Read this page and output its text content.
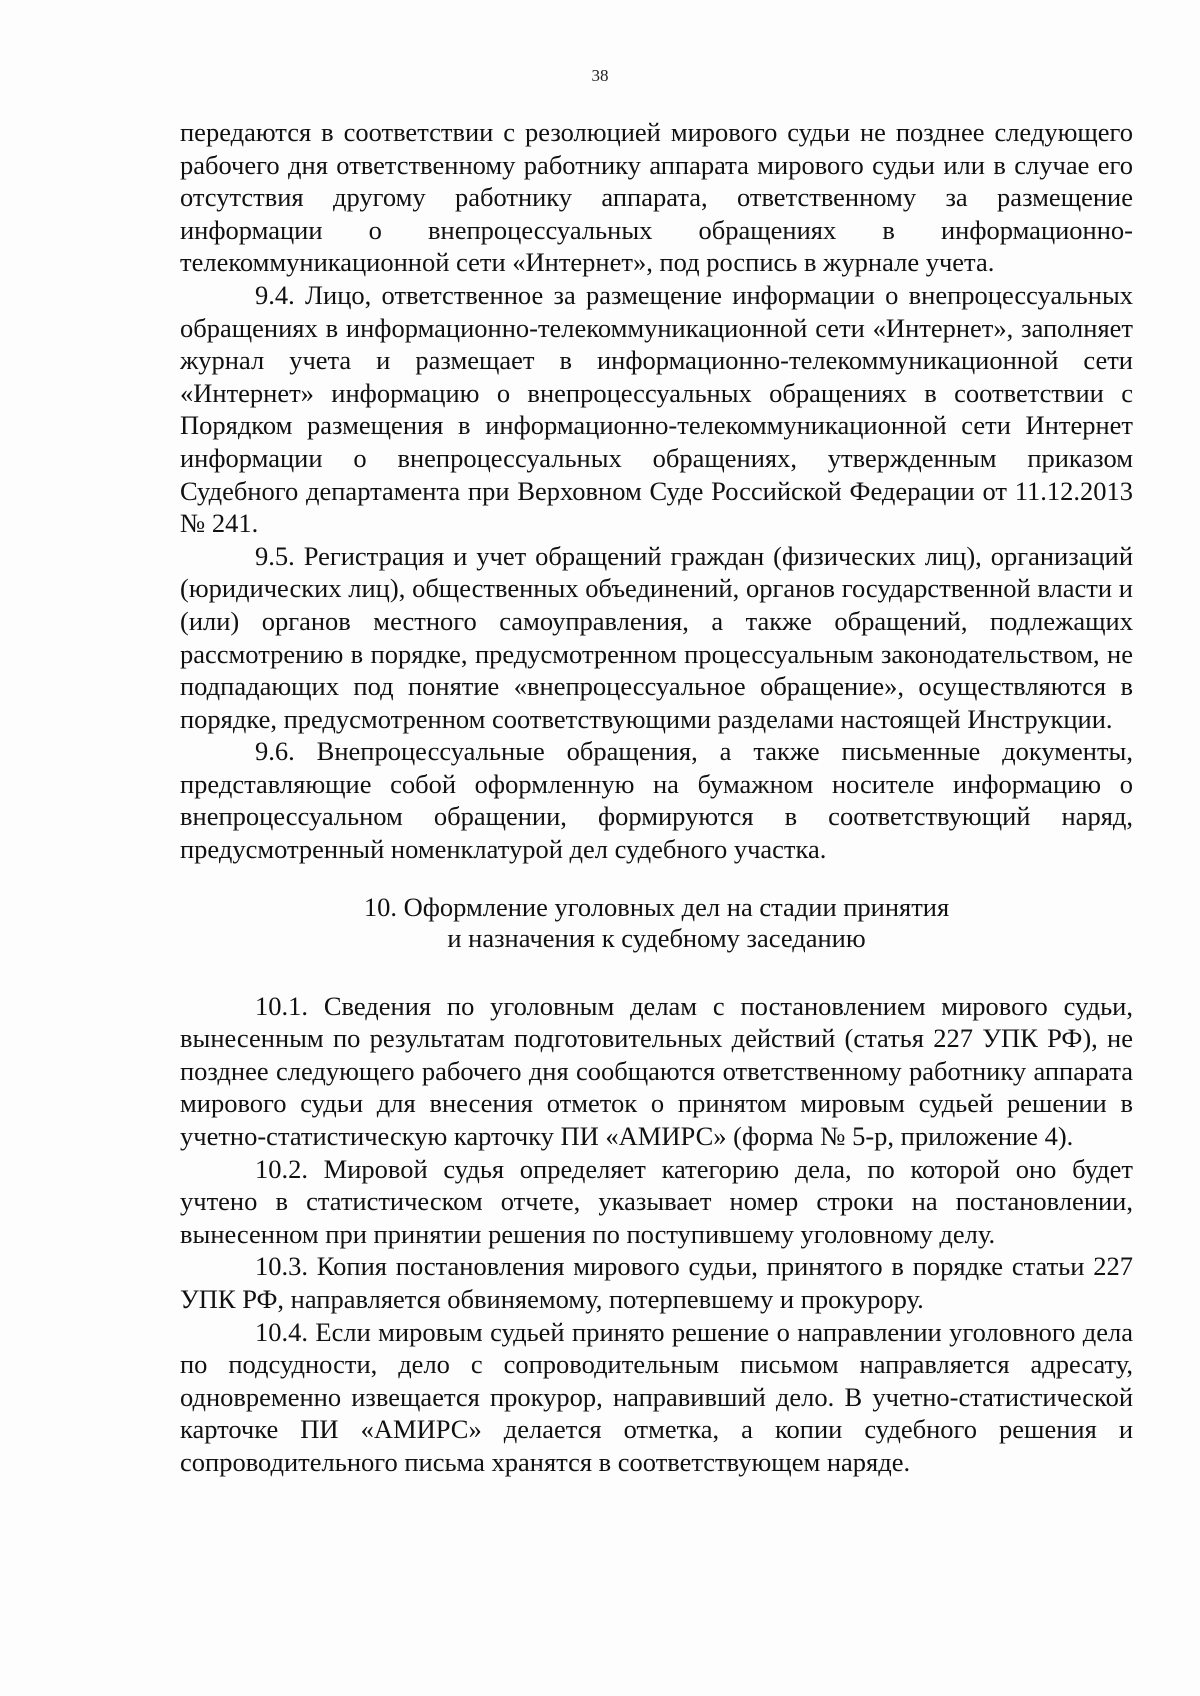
38

передаются в соответствии с резолюцией мирового судьи не позднее следующего рабочего дня ответственному работнику аппарата мирового судьи или в случае его отсутствия другому работнику аппарата, ответственному за размещение информации о внепроцессуальных обращениях в информационно-телекоммуникационной сети «Интернет», под роспись в журнале учета.

9.4. Лицо, ответственное за размещение информации о внепроцессуальных обращениях в информационно-телекоммуникационной сети «Интернет», заполняет журнал учета и размещает в информационно-телекоммуникационной сети «Интернет» информацию о внепроцессуальных обращениях в соответствии с Порядком размещения в информационно-телекоммуникационной сети Интернет информации о внепроцессуальных обращениях, утвержденным приказом Судебного департамента при Верховном Суде Российской Федерации от 11.12.2013 № 241.

9.5. Регистрация и учет обращений граждан (физических лиц), организаций (юридических лиц), общественных объединений, органов государственной власти и (или) органов местного самоуправления, а также обращений, подлежащих рассмотрению в порядке, предусмотренном процессуальным законодательством, не подпадающих под понятие «внепроцессуальное обращение», осуществляются в порядке, предусмотренном соответствующими разделами настоящей Инструкции.

9.6. Внепроцессуальные обращения, а также письменные документы, представляющие собой оформленную на бумажном носителе информацию о внепроцессуальном обращении, формируются в соответствующий наряд, предусмотренный номенклатурой дел судебного участка.

10. Оформление уголовных дел на стадии принятия
и назначения к судебному заседанию

10.1. Сведения по уголовным делам с постановлением мирового судьи, вынесенным по результатам подготовительных действий (статья 227 УПК РФ), не позднее следующего рабочего дня сообщаются ответственному работнику аппарата мирового судьи для внесения отметок о принятом мировым судьей решении в учетно-статистическую карточку ПИ «АМИРС» (форма № 5-р, приложение 4).

10.2. Мировой судья определяет категорию дела, по которой оно будет учтено в статистическом отчете, указывает номер строки на постановлении, вынесенном при принятии решения по поступившему уголовному делу.

10.3. Копия постановления мирового судьи, принятого в порядке статьи 227 УПК РФ, направляется обвиняемому, потерпевшему и прокурору.

10.4. Если мировым судьей принято решение о направлении уголовного дела по подсудности, дело с сопроводительным письмом направляется адресату, одновременно извещается прокурор, направивший дело. В учетно-статистической карточке ПИ «АМИРС» делается отметка, а копии судебного решения и сопроводительного письма хранятся в соответствующем наряде.
